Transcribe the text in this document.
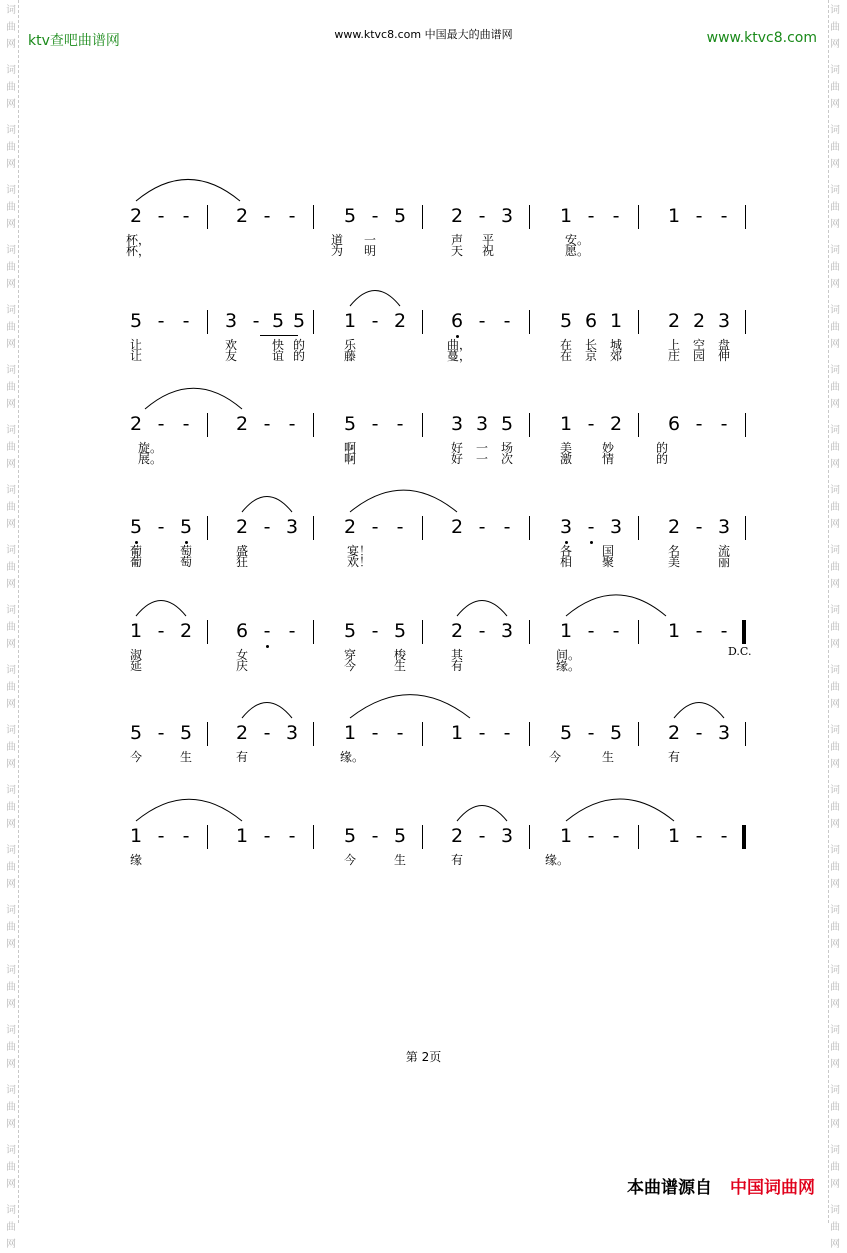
词
曲
网
词
曲
网
词
曲
网
词
曲
网
词
曲
网
词
曲
网
词
曲
网
词
曲
网
词
曲
网
词
曲
网
词
曲
网
词
曲
网
词
曲
网
词
曲
网
词
曲
网
词
曲
网
词
曲
网
词
曲
网
词
曲
网
词
曲
网
词
曲
网
词
曲
网
词
曲
网
词
曲
网
词
曲
网
词
曲
网
词
曲
网
词
曲
网
词
曲
网
词
曲
网
词
曲
网
词
曲
网
词
曲
网
词
曲
网
词
曲
网
词
曲
网
词
曲
网
词
曲
网
词
曲
网
词
曲
网
词
曲
网
词
曲
网
ktv查吧曲谱网	www.ktvc8.com 中国最大的曲谱网	www.ktvc8.com
2 - -	2 - -	5 - 5 2 - 3 1 - -	1 - -
杯，	道	一	声	平	安。
杯，	为	明	天	祝	愿。
5 - -	3 - 5 5 1 - 2 6 - -	5 6 1 2 2 3
让	欢	快 的	乐	曲，	在	长	城	上	空	盘
让	友	谊 的	藤	蔓，	在	京	郊	庄	园	伸
2 - -	2 - -	5 - -	3 3 5 1 - 2 6 - -
旋。	啊	好	一	场	美	妙	的
展。	啊	好	一	次	激	情	的
5 - 5 2 - 3 2 - -	2 - -	3 - 3 2 - 3
葡	萄	盛	宴！	各	国	名	流
葡	萄	狂	欢！	相	聚	美	丽
1 - 2 6 - -	5 - 5 2 - 3 1 - -	1 - -
淑	女	穿	梭	其	间。
延	庆	今	生	有	缘。
D.C.
5 - 5 2 - 3 1 - -	1 - -	5 - 5 2 - 3
今	生	有	缘。	今	生	有
1 - -	1 - -	5 - 5 2 - 3 1 - -	1 - -
缘	今	生	有	缘。
第 2页
本曲谱源自 中国词曲网
